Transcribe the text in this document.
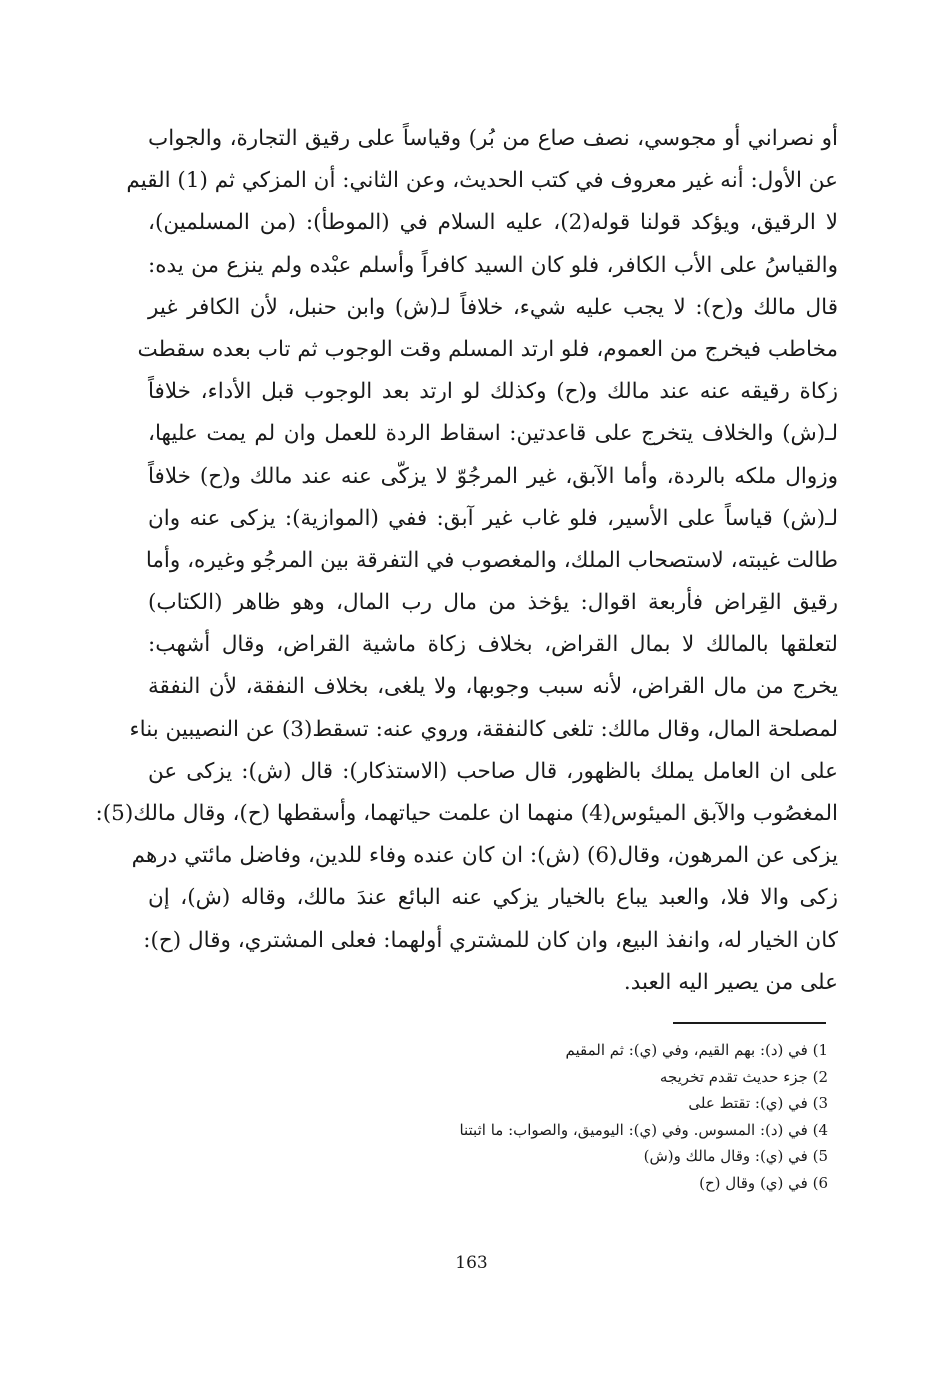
أو نصراني أو مجوسي، نصف صاع من بُر) وقياساً على رقيق التجارة، والجواب
عن الأول: أنه غير معروف في كتب الحديث، وعن الثاني: أن المزكي ثم (1) القيم
لا الرقيق، ويؤكد قولنا قوله(2)، عليه السلام في (الموطأ): (من المسلمين)،
والقياسُ على الأب الكافر، فلو كان السيد كافراً وأسلم عبْده ولم ينزع من يده:
قال مالك و(ح): لا يجب عليه شيء، خلافاً لـ(ش) وابن حنبل، لأن الكافر غير
مخاطب فيخرج من العموم، فلو ارتد المسلم وقت الوجوب ثم تاب بعده سقطت
زكاة رقيقه عنه عند مالك و(ح) وكذلك لو ارتد بعد الوجوب قبل الأداء، خلافاً
لـ(ش) والخلاف يتخرج على قاعدتين: اسقاط الردة للعمل وان لم يمت عليها،
وزوال ملكه بالردة، وأما الآبق، غير المرجُوّ لا يزكّى عنه عند مالك و(ح) خلافاً
لـ(ش) قياساً على الأسير، فلو غاب غير آبق: ففي (الموازية): يزكى عنه وان
طالت غيبته، لاستصحاب الملك، والمغصوب في التفرقة بين المرجُو وغيره، وأما
رقيق القِراض فأربعة اقوال: يؤخذ من مال رب المال، وهو ظاهر (الكتاب)
لتعلقها بالمالك لا بمال القراض، بخلاف زكاة ماشية القراض، وقال أشهب:
يخرج من مال القراض، لأنه سبب وجوبها، ولا يلغى، بخلاف النفقة، لأن النفقة
لمصلحة المال، وقال مالك: تلغى كالنفقة، وروي عنه: تسقط(3) عن النصيبين بناء
على ان العامل يملك بالظهور، قال صاحب (الاستذكار): قال (ش): يزكى عن
المغصُوب والآبق الميئوس(4) منهما ان علمت حياتهما، وأسقطها (ح)، وقال مالك(5):
يزكى عن المرهون، وقال(6) (ش): ان كان عنده وفاء للدين، وفاضل مائتي درهم
زكى والا فلا، والعبد يباع بالخيار يزكي عنه البائع عندَ مالك، وقاله (ش)، إن
كان الخيار له، وانفذ البيع، وان كان للمشتري أولهما: فعلى المشتري، وقال (ح):
على من يصير اليه العبد.
1) في (د): بهم القيم، وفي (ي): ثم المقيم
2) جزء حديث تقدم تخريجه
3) في (ي): تقتط على
4) في (د): المسوس. وفي (ي): اليوميق، والصواب: ما اثبتنا
5) في (ي): وقال مالك و(ش)
6) في (ي) وقال (ح)
163
